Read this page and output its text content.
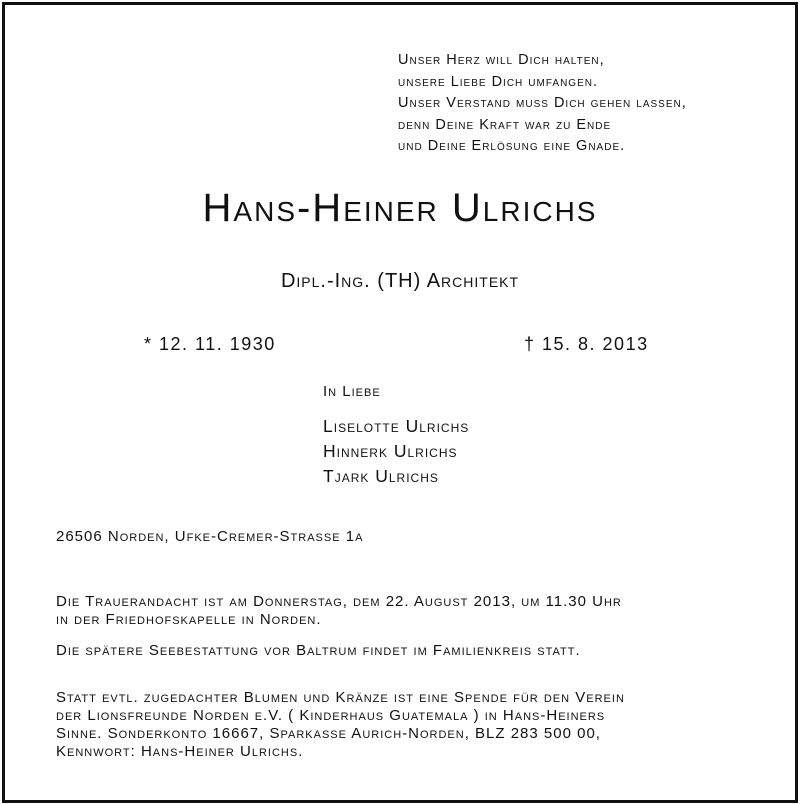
Unser Herz will Dich halten,
unsere Liebe Dich umfangen.
Unser Verstand muss Dich gehen lassen,
denn Deine Kraft war zu Ende
und Deine Erlösung eine Gnade.
Hans-Heiner Ulrichs
Dipl.-Ing. (TH) Architekt
* 12. 11. 1930	† 15. 8. 2013
In Liebe
Liselotte Ulrichs
Hinnerk Ulrichs
Tjark Ulrichs
26506 Norden, Ufke-Cremer-Strasse 1a
Die Trauerandacht ist am Donnerstag, dem 22. August 2013, um 11.30 Uhr
in der Friedhofskapelle in Norden.
Die spätere Seebestattung vor Baltrum findet im Familienkreis statt.
Statt evtl. zugedachter Blumen und Kränze ist eine Spende für den Verein
der Lionsfreunde Norden e.V. ( Kinderhaus Guatemala ) in Hans-Heiners
Sinne. Sonderkonto 16667, Sparkasse Aurich-Norden, BLZ 283 500 00,
Kennwort: Hans-Heiner Ulrichs.
